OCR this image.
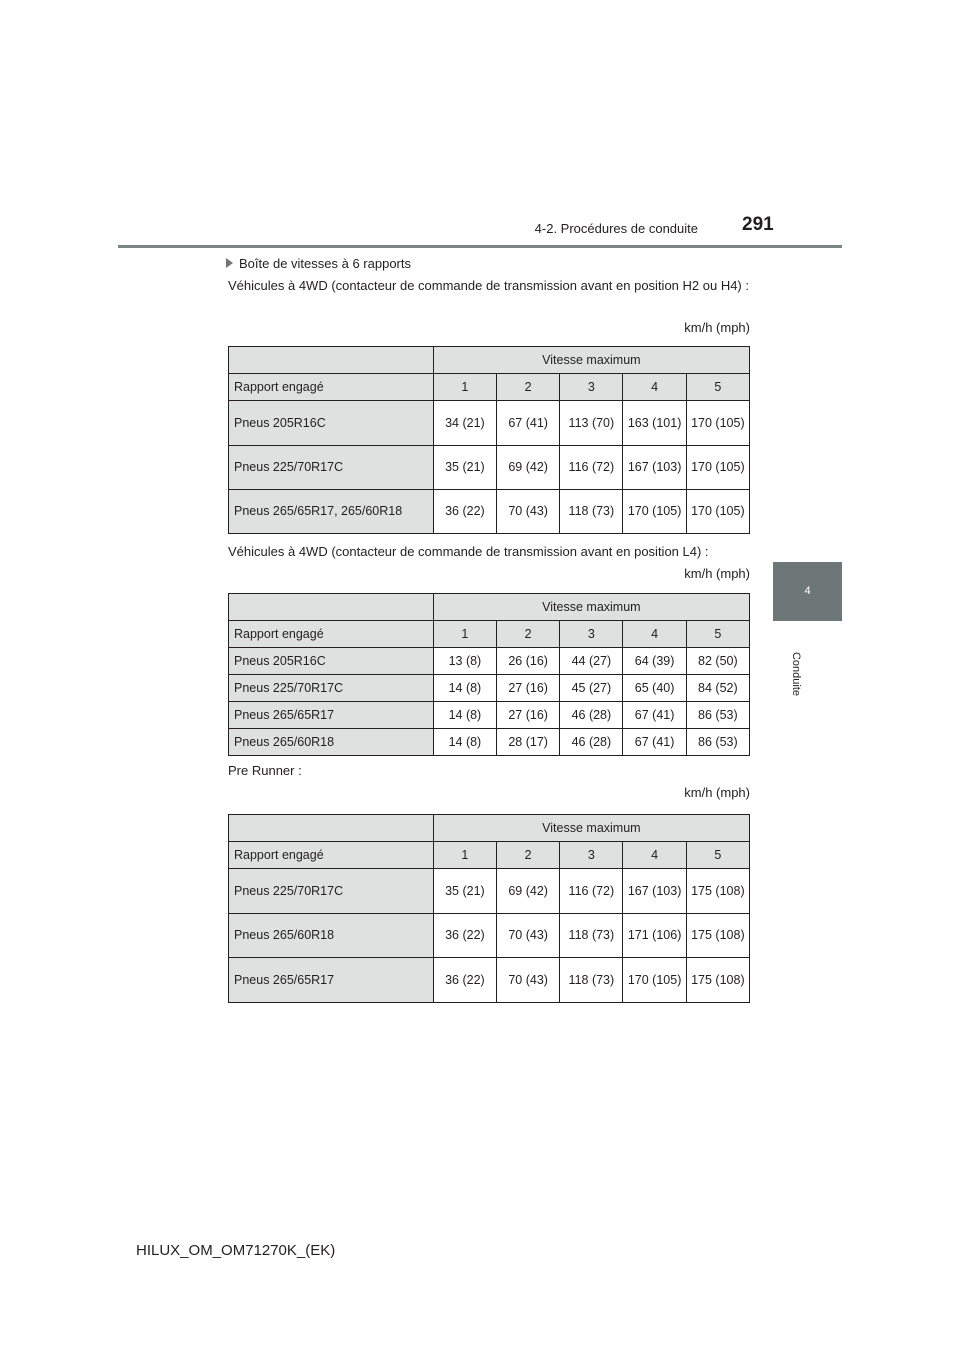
4-2. Procédures de conduite 291
4
Conduite
Boîte de vitesses à 6 rapports
Véhicules à 4WD (contacteur de commande de transmission avant en position H2 ou H4) :
km/h (mph)
	Vitesse maximum				
Rapport engagé	1	2	3	4	5
Pneus 205R16C	34 (21)	67 (41)	113 (70)	163 (101)	170 (105)
Pneus 225/70R17C	35 (21)	69 (42)	116 (72)	167 (103)	170 (105)
Pneus 265/65R17, 265/60R18	36 (22)	70 (43)	118 (73)	170 (105)	170 (105)
Véhicules à 4WD (contacteur de commande de transmission avant en position L4) :
km/h (mph)
	Vitesse maximum				
Rapport engagé	1	2	3	4	5
Pneus 205R16C	13 (8)	26 (16)	44 (27)	64 (39)	82 (50)
Pneus 225/70R17C	14 (8)	27 (16)	45 (27)	65 (40)	84 (52)
Pneus 265/65R17	14 (8)	27 (16)	46 (28)	67 (41)	86 (53)
Pneus 265/60R18	14 (8)	28 (17)	46 (28)	67 (41)	86 (53)
Pre Runner :
km/h (mph)
	Vitesse maximum				
Rapport engagé	1	2	3	4	5
Pneus 225/70R17C	35 (21)	69 (42)	116 (72)	167 (103)	175 (108)
Pneus 265/60R18	36 (22)	70 (43)	118 (73)	171 (106)	175 (108)
Pneus 265/65R17	36 (22)	70 (43)	118 (73)	170 (105)	175 (108)
HILUX_OM_OM71270K_(EK)
